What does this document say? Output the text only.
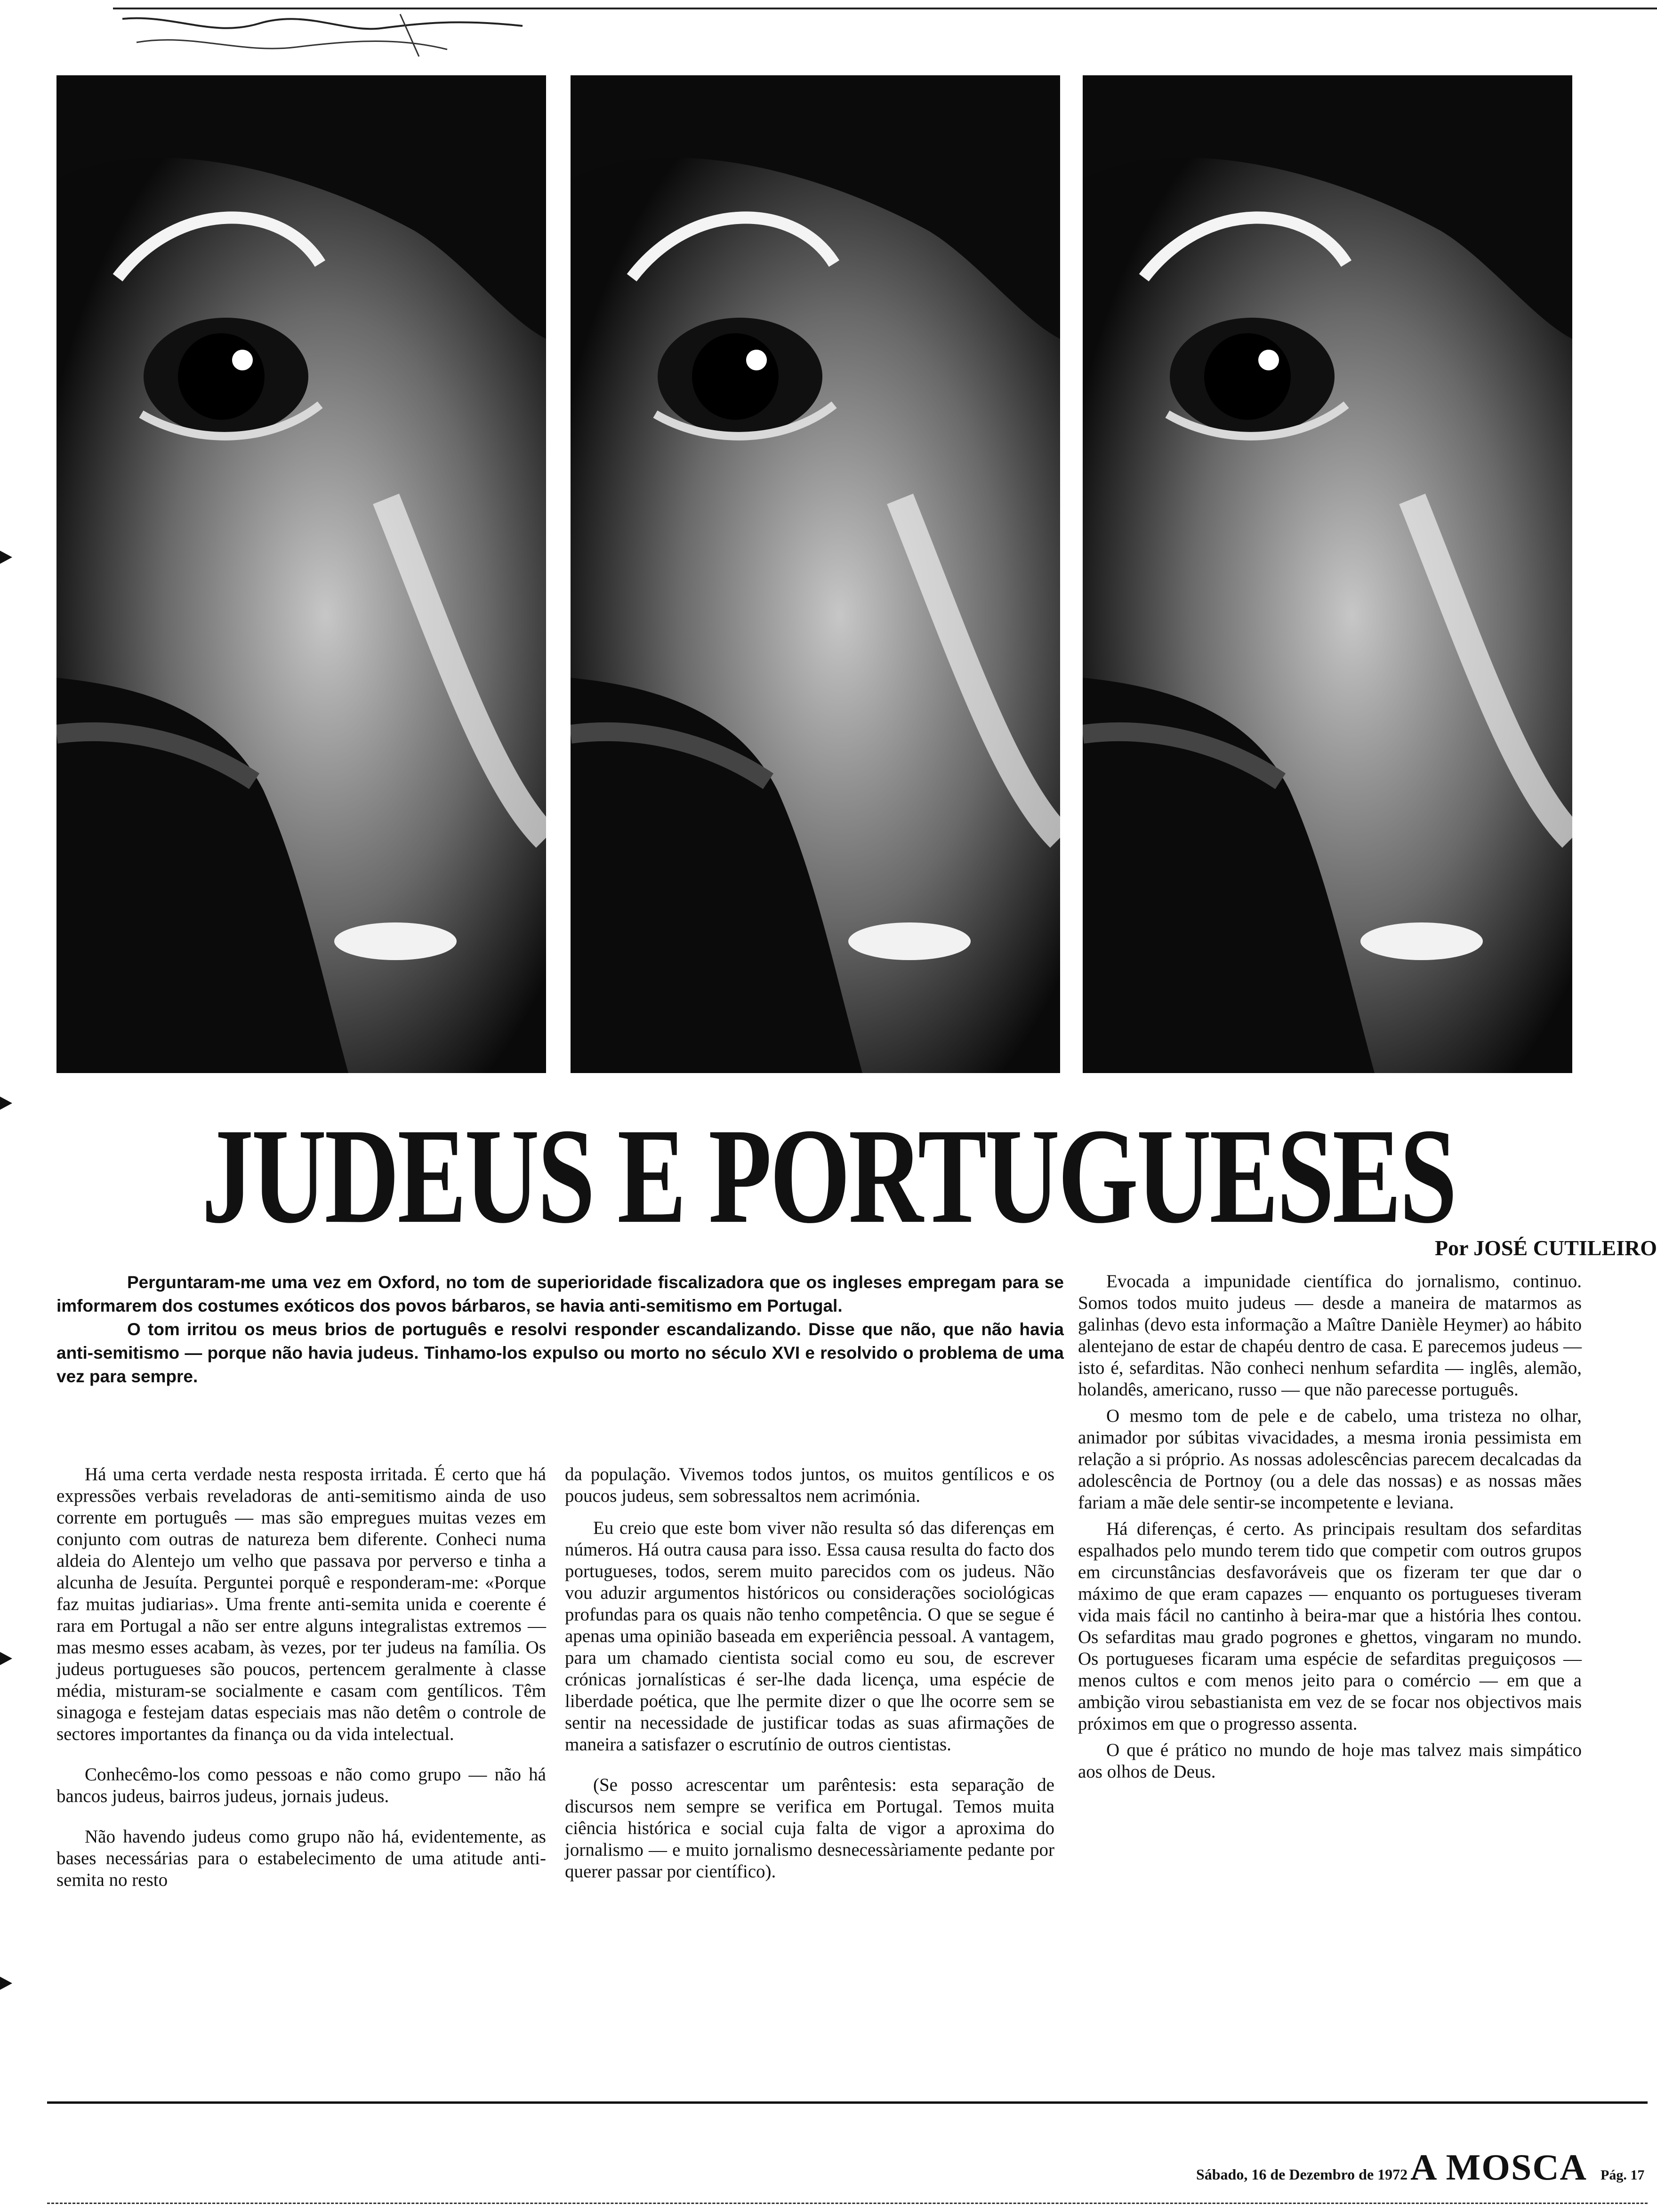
JUDEUS E PORTUGUESES
Por JOSÉ CUTILEIRO

Perguntaram-me uma vez em Oxford, no tom de superioridade fiscalizadora que os ingleses empregam para se imformarem dos costumes exóticos dos povos bárbaros, se havia anti-semitismo em Portugal.

O tom irritou os meus brios de português e resolvi responder escandalizando. Disse que não, que não havia anti-semitismo — porque não havia judeus. Tinhamo-los expulso ou morto no século XVI e resolvido o problema de uma vez para sempre.

Há uma certa verdade nesta resposta irritada. É certo que há expressões verbais reveladoras de anti-semitismo ainda de uso corrente em português — mas são empregues muitas vezes em conjunto com outras de natureza bem diferente. Conheci numa aldeia do Alentejo um velho que passava por perverso e tinha a alcunha de Jesuíta. Perguntei porquê e responderam-me: «Porque faz muitas judiarias». Uma frente anti-semita unida e coerente é rara em Portugal a não ser entre alguns integralistas extremos — mas mesmo esses acabam, às vezes, por ter judeus na família. Os judeus portugueses são poucos, pertencem geralmente à classe média, misturam-se socialmente e casam com gentílicos. Têm sinagoga e festejam datas especiais mas não detêm o controle de sectores importantes da finança ou da vida intelectual.

Conhecêmo-los como pessoas e não como grupo — não há bancos judeus, bairros judeus, jornais judeus.

Não havendo judeus como grupo não há, evidentemente, as bases necessárias para o estabelecimento de uma atitude anti-semita no resto

da população. Vivemos todos juntos, os muitos gentílicos e os poucos judeus, sem sobressaltos nem acrimónia.

Eu creio que este bom viver não resulta só das diferenças em números. Há outra causa para isso. Essa causa resulta do facto dos portugueses, todos, serem muito parecidos com os judeus. Não vou aduzir argumentos históricos ou considerações sociológicas profundas para os quais não tenho competência. O que se segue é apenas uma opinião baseada em experiência pessoal. A vantagem, para um chamado cientista social como eu sou, de escrever crónicas jornalísticas é ser-lhe dada licença, uma espécie de liberdade poética, que lhe permite dizer o que lhe ocorre sem se sentir na necessidade de justificar todas as suas afirmações de maneira a satisfazer o escrutínio de outros cientistas.

(Se posso acrescentar um parêntesis: esta separação de discursos nem sempre se verifica em Portugal. Temos muita ciência histórica e social cuja falta de vigor a aproxima do jornalismo — e muito jornalismo desnecessàriamente pedante por querer passar por científico).

Evocada a impunidade científica do jornalismo, continuo. Somos todos muito judeus — desde a maneira de matarmos as galinhas (devo esta informação a Maître Danièle Heymer) ao hábito alentejano de estar de chapéu dentro de casa. E parecemos judeus — isto é, sefarditas. Não conheci nenhum sefardita — inglês, alemão, holandês, americano, russo — que não parecesse português.

O mesmo tom de pele e de cabelo, uma tristeza no olhar, animador por súbitas vivacidades, a mesma ironia pessimista em relação a si próprio. As nossas adolescências parecem decalcadas da adolescência de Portnoy (ou a dele das nossas) e as nossas mães fariam a mãe dele sentir-se incompetente e leviana.

Há diferenças, é certo. As principais resultam dos sefarditas espalhados pelo mundo terem tido que competir com outros grupos em circunstâncias desfavoráveis que os fizeram ter que dar o máximo de que eram capazes — enquanto os portugueses tiveram vida mais fácil no cantinho à beira-mar que a história lhes contou. Os sefarditas mau grado pogrones e ghettos, vingaram no mundo. Os portugueses ficaram uma espécie de sefarditas preguiçosos — menos cultos e com menos jeito para o comércio — em que a ambição virou sebastianista em vez de se focar nos objectivos mais próximos em que o progresso assenta.

O que é prático no mundo de hoje mas talvez mais simpático aos olhos de Deus.

Sábado, 16 de Dezembro de 1972A MOSCA Pág. 17
